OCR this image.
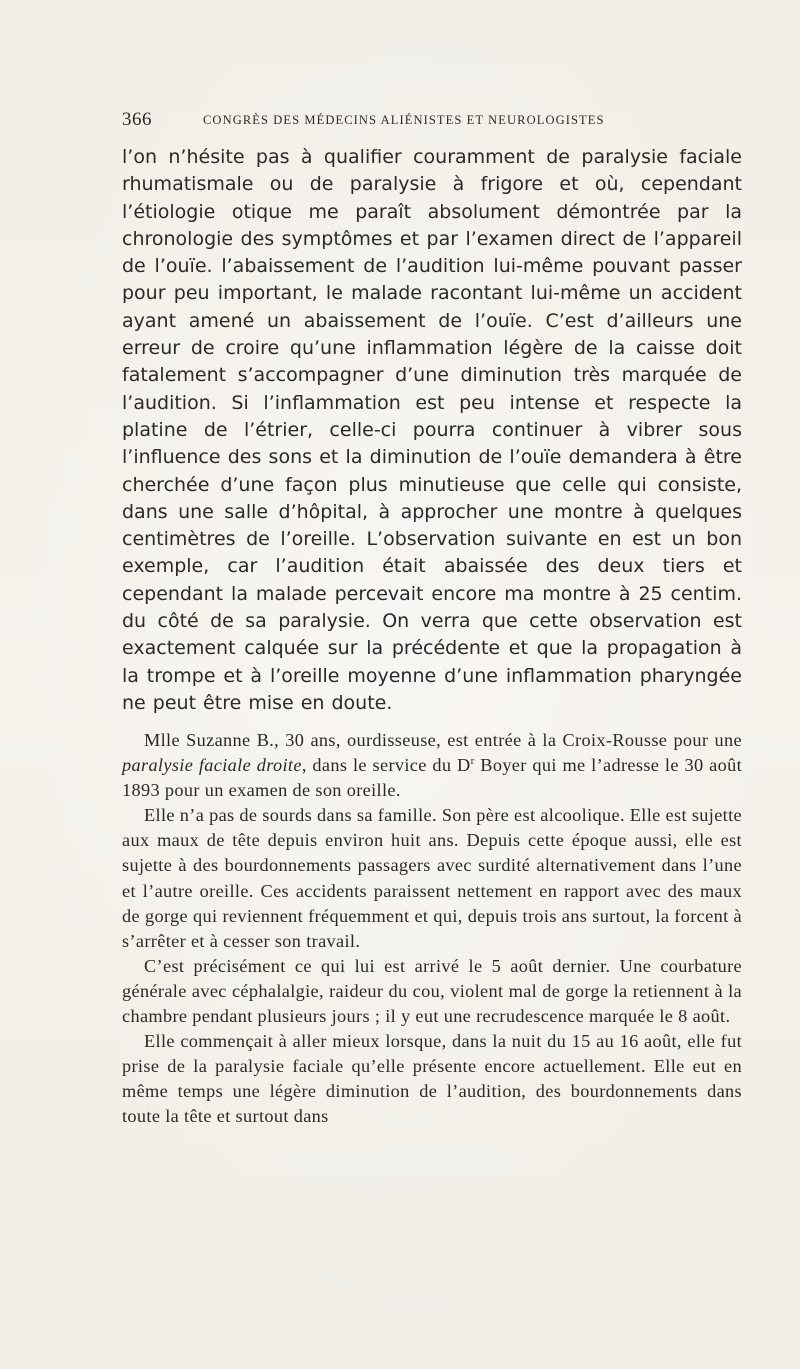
366	CONGRÈS DES MÉDECINS ALIÉNISTES ET NEUROLOGISTES

l’on n’hésite pas à qualifier couramment de paralysie faciale rhumatismale ou de paralysie à frigore et où, cependant l’étiologie otique me paraît absolument démontrée par la chronologie des symptômes et par l’examen direct de l’appareil de l’ouïe. l’abaissement de l’audition lui-même pouvant passer pour peu important, le malade racontant lui-même un accident ayant amené un abaissement de l’ouïe. C’est d’ailleurs une erreur de croire qu’une inflammation légère de la caisse doit fatalement s’accompagner d’une diminution très marquée de l’audition. Si l’inflammation est peu intense et respecte la platine de l’étrier, celle-ci pourra continuer à vibrer sous l’influence des sons et la diminution de l’ouïe demandera à être cherchée d’une façon plus minutieuse que celle qui consiste, dans une salle d’hôpital, à approcher une montre à quelques centimètres de l’oreille. L’observation suivante en est un bon exemple, car l’audition était abaissée des deux tiers et cependant la malade percevait encore ma montre à 25 centim. du côté de sa paralysie. On verra que cette observation est exactement calquée sur la précédente et que la propagation à la trompe et à l’oreille moyenne d’une inflammation pharyngée ne peut être mise en doute.

Mlle Suzanne B., 30 ans, ourdisseuse, est entrée à la Croix-Rousse pour une paralysie faciale droite, dans le service du $D^r$ Boyer qui me l’adresse le 30 août 1893 pour un examen de son oreille.

Elle n’a pas de sourds dans sa famille. Son père est alcoolique. Elle est sujette aux maux de tête depuis environ huit ans. Depuis cette époque aussi, elle est sujette à des bourdonnements passagers avec surdité alternativement dans l’une et l’autre oreille. Ces accidents paraissent nettement en rapport avec des maux de gorge qui reviennent fréquemment et qui, depuis trois ans surtout, la forcent à s’arrêter et à cesser son travail.

C’est précisément ce qui lui est arrivé le 5 août dernier. Une courbature générale avec céphalalgie, raideur du cou, violent mal de gorge la retiennent à la chambre pendant plusieurs jours ; il y eut une recrudescence marquée le 8 août.

Elle commençait à aller mieux lorsque, dans la nuit du 15 au 16 août, elle fut prise de la paralysie faciale qu’elle présente encore actuellement. Elle eut en même temps une légère diminution de l’audition, des bourdonnements dans toute la tête et surtout dans
